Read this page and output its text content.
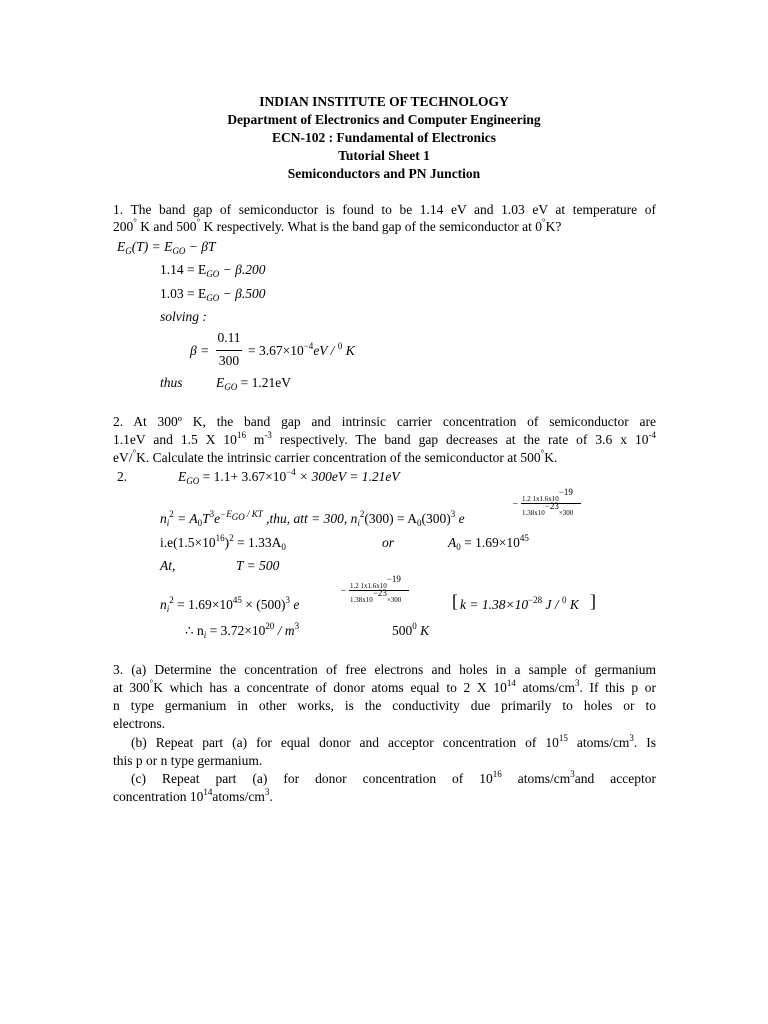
INDIAN INSTITUTE OF TECHNOLOGY
Department of Electronics and Computer Engineering
ECN-102 : Fundamental of Electronics
Tutorial Sheet 1
Semiconductors and PN Junction
1. The band gap of semiconductor is found to be 1.14 eV and 1.03 eV at temperature of
200° K and 500° K respectively. What is the band gap of the semiconductor at 0°K?
$E_G(T) = E_{GO} - \beta T$
$1.14 = E_{GO} - \beta.200$
$1.03 = E_{GO} - \beta.500$
solving :
β =
0.11
300
= $3.67\times 10^{-4}eV / ^0$ K
thus $E_{GO} = 1.21eV$
2. At 300º K, the band gap and intrinsic carrier concentration of semiconductor are
1.1eV and 1.5 X $10^{16}$ $m^{-3}$ respectively. The band gap decreases at the rate of 3.6 x $10^{-4}$
eV/°K. Calculate the intrinsic carrier concentration of the semiconductor at 500°K.
2.	$E_{GO} = 1.1+ 3.67\times 10^{-4} \times 300eV = 1.21eV$
$n_i^2 = A_0T^3e^{-E_{GO} / KT}$ ,thu, att = 300, $n_i^2(300) = A_0(300)^3$ e
− 1.2 $1x1.6x10^{-19}$
$1.38x10^{-23}\times 300$
$i.e(1.5\times 10^{16})^2 = 1.33A_0$	or	$A_0 = 1.69\times 10^{45}$
At,	T = 500
$n_i^2 = 1.69\times 10^{45} \times (500)^3$ e
− 1.2 $1x1.6x10^{-19}$
$1.38x10^{-23}\times 300$	[ $k = 1.38\times 10^{-28}$ J / $^0$ K ]
∴ $n_i = 3.72\times 10^{20} / m^3$	$500^0$ K
3. (a) Determine the concentration of free electrons and holes in a sample of germanium
at 300°K which has a concentrate of donor atoms equal to 2 X $10^{14}$ atoms/$cm^3$. If this p or
n type germanium in other works, is the conductivity due primarily to holes or to
electrons.
(b) Repeat part (a) for equal donor and acceptor concentration of $10^{15}$ atoms/$cm^3$. Is
this p or n type germanium.
(c) Repeat part (a) for donor concentration of $10^{16}$ atoms/$cm^3and$ acceptor
concentration $10^{14}atoms/cm^3$.
